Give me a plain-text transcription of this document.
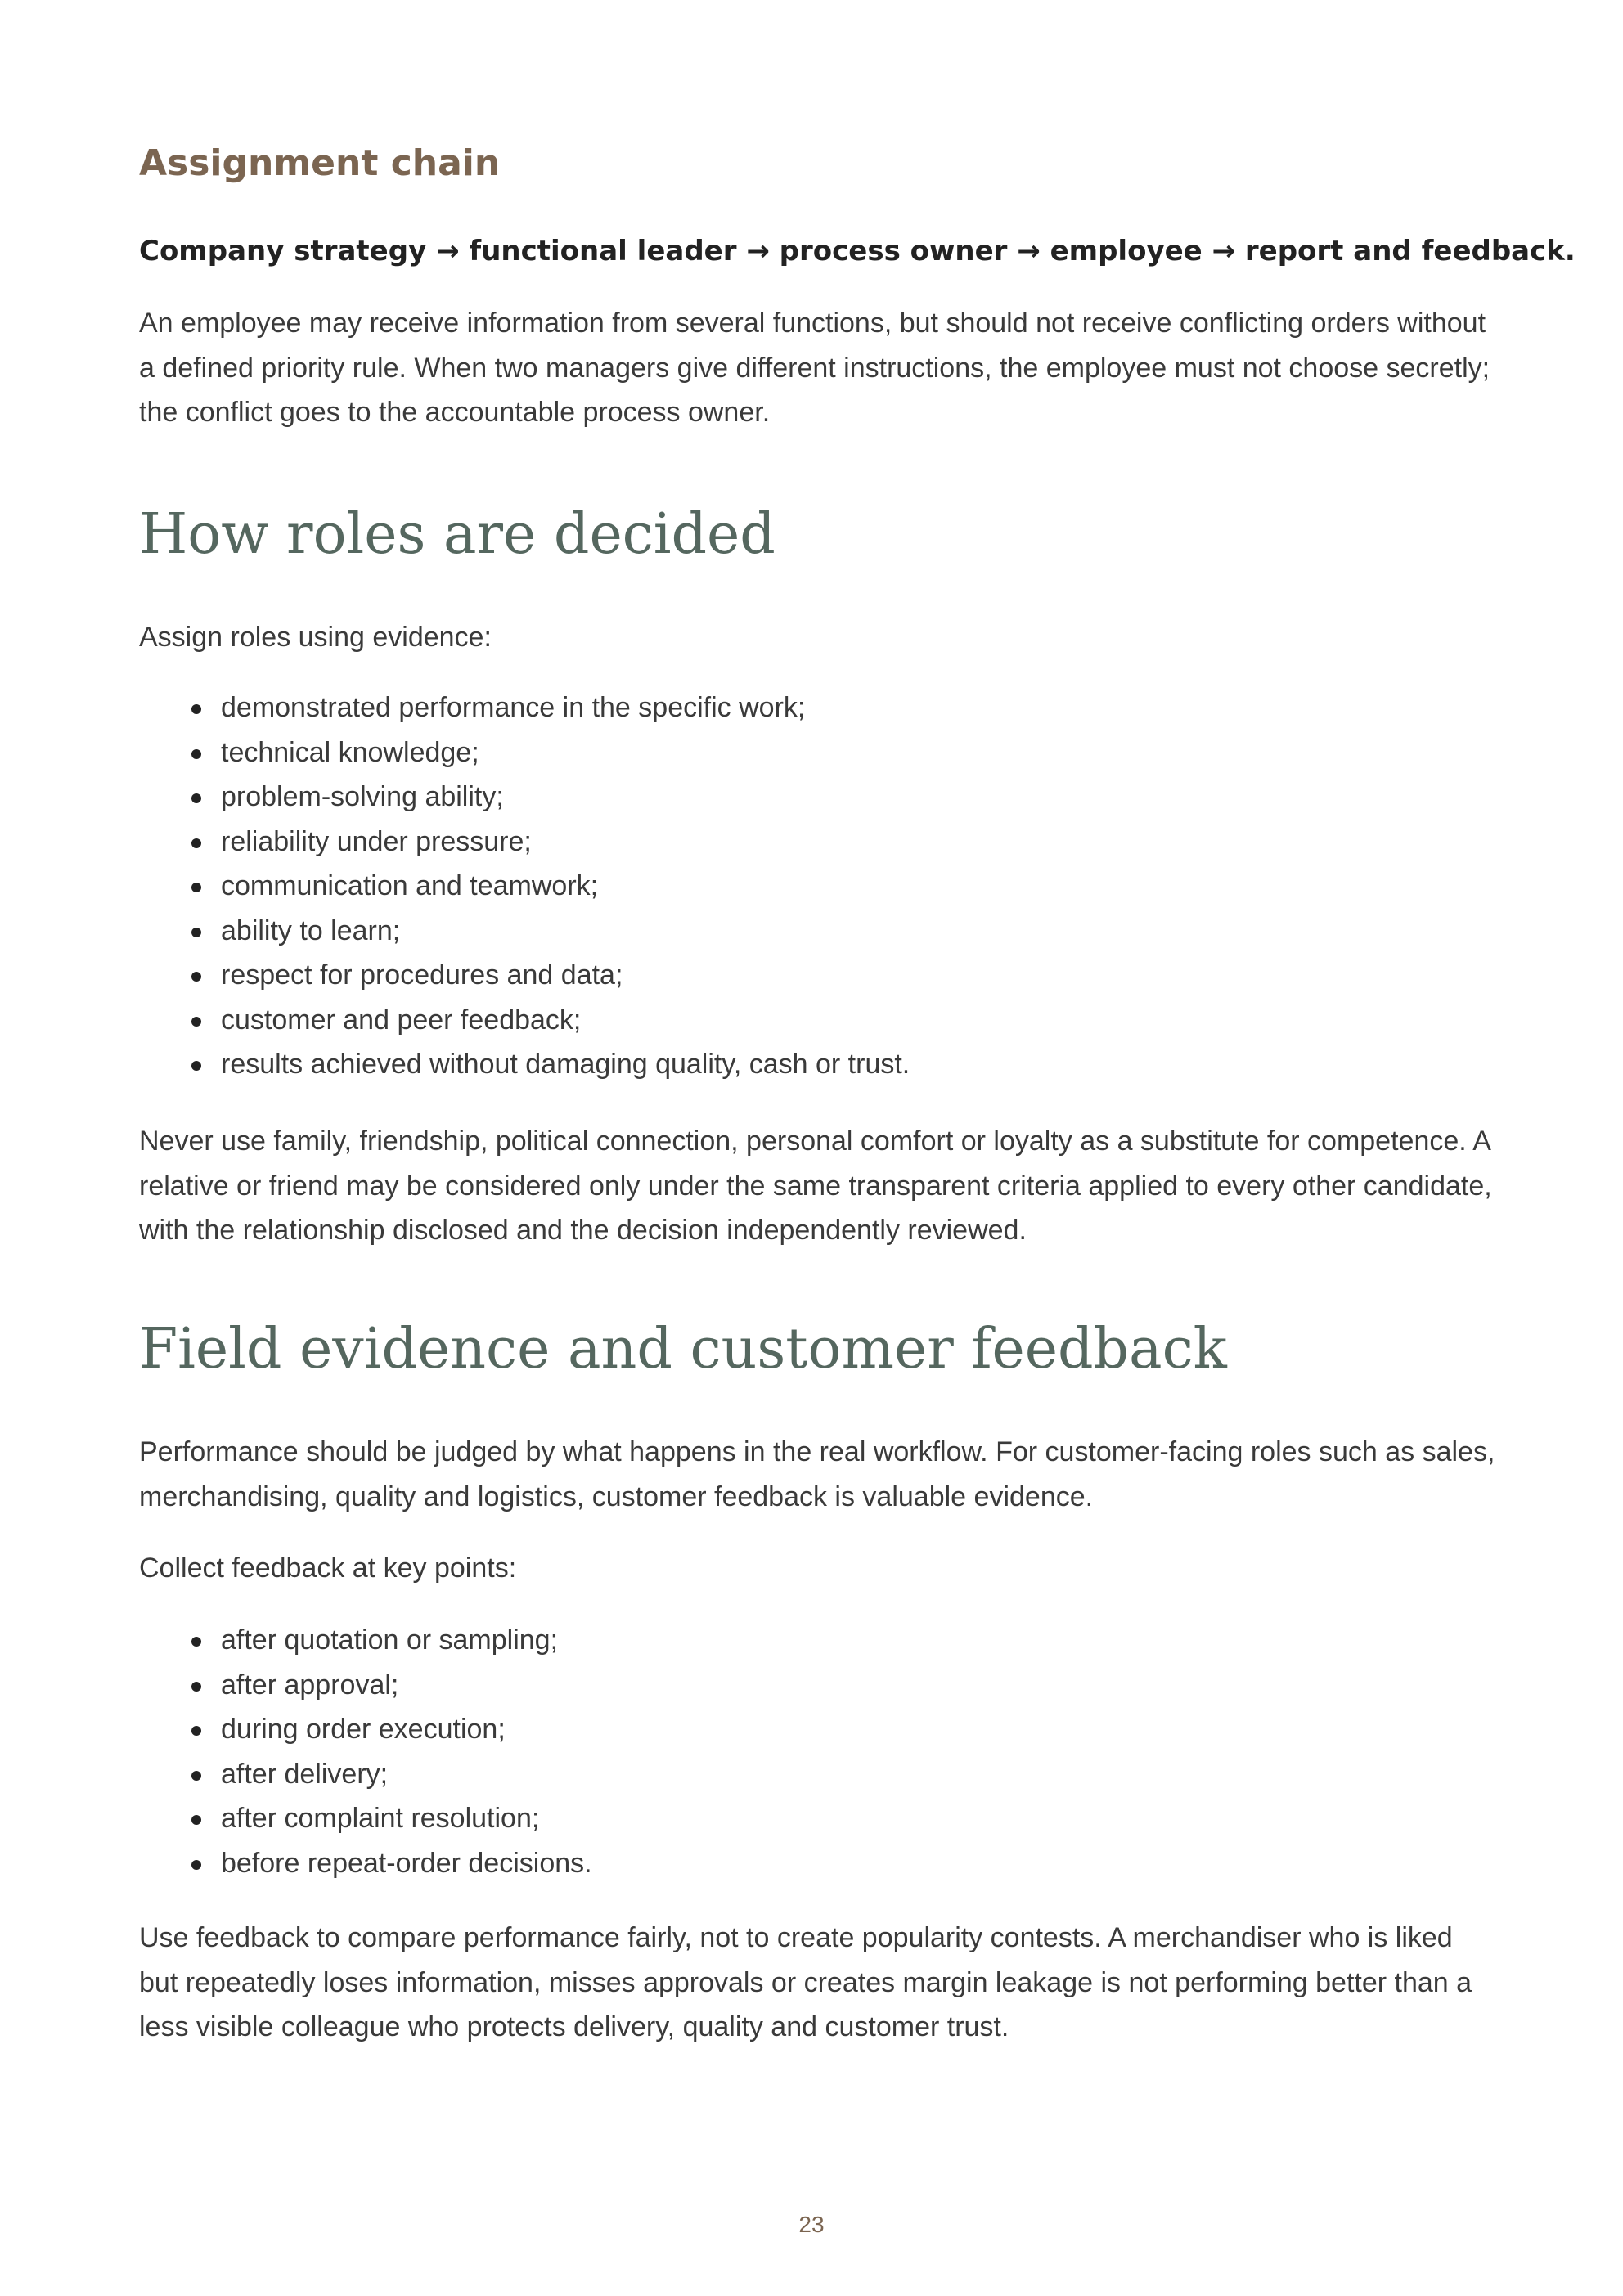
Assignment chain

Company strategy → functional leader → process owner → employee → report and feedback.

An employee may receive information from several functions, but should not receive conflicting orders without a defined priority rule. When two managers give different instructions, the employee must not choose secretly; the conflict goes to the accountable process owner.

How roles are decided

Assign roles using evidence:

demonstrated performance in the specific work;
technical knowledge;
problem-solving ability;
reliability under pressure;
communication and teamwork;
ability to learn;
respect for procedures and data;
customer and peer feedback;
results achieved without damaging quality, cash or trust.

Never use family, friendship, political connection, personal comfort or loyalty as a substitute for competence. A relative or friend may be considered only under the same transparent criteria applied to every other candidate, with the relationship disclosed and the decision independently reviewed.

Field evidence and customer feedback

Performance should be judged by what happens in the real workflow. For customer-facing roles such as sales, merchandising, quality and logistics, customer feedback is valuable evidence.

Collect feedback at key points:

after quotation or sampling;
after approval;
during order execution;
after delivery;
after complaint resolution;
before repeat-order decisions.

Use feedback to compare performance fairly, not to create popularity contests. A merchandiser who is liked but repeatedly loses information, misses approvals or creates margin leakage is not performing better than a less visible colleague who protects delivery, quality and customer trust.

23
